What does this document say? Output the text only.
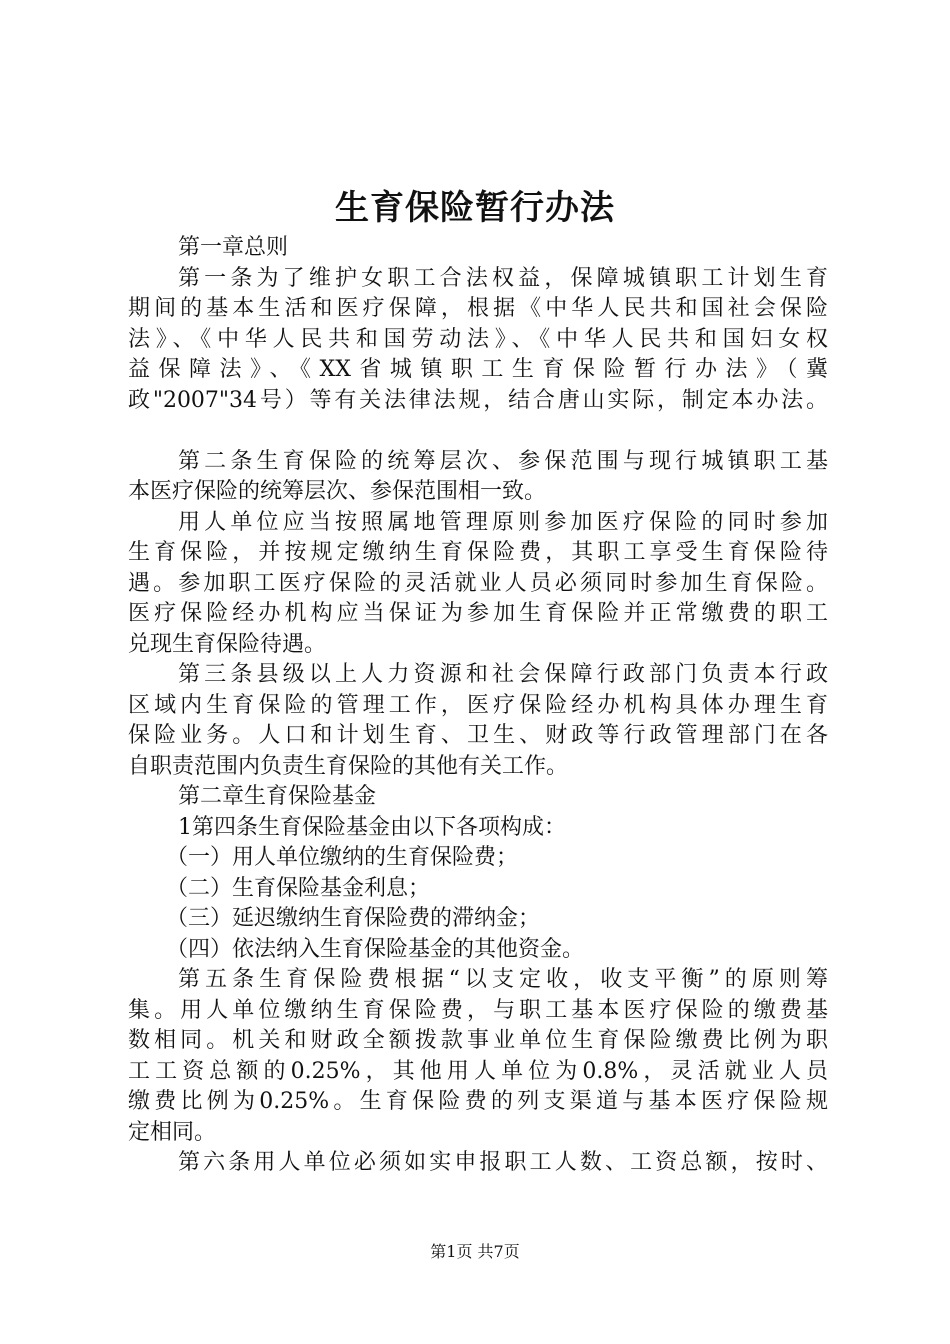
生育保险暂行办法
第一章总则
第一条为了维护女职工合法权益，保障城镇职工计划生育
期间的基本生活和医疗保障，根据《中华人民共和国社会保险
法》、《中华人民共和国劳动法》、《中华人民共和国妇女权
益保障法》、《XX省城镇职工生育保险暂行办法》（冀
政"2007"34号）等有关法律法规，结合唐山实际，制定本办法。
第二条生育保险的统筹层次、参保范围与现行城镇职工基
本医疗保险的统筹层次、参保范围相一致。
用人单位应当按照属地管理原则参加医疗保险的同时参加
生育保险，并按规定缴纳生育保险费，其职工享受生育保险待
遇。参加职工医疗保险的灵活就业人员必须同时参加生育保险。
医疗保险经办机构应当保证为参加生育保险并正常缴费的职工
兑现生育保险待遇。
第三条县级以上人力资源和社会保障行政部门负责本行政
区域内生育保险的管理工作，医疗保险经办机构具体办理生育
保险业务。人口和计划生育、卫生、财政等行政管理部门在各
自职责范围内负责生育保险的其他有关工作。
第二章生育保险基金
1第四条生育保险基金由以下各项构成：
（一）用人单位缴纳的生育保险费；
（二）生育保险基金利息；
（三）延迟缴纳生育保险费的滞纳金；
（四）依法纳入生育保险基金的其他资金。
第五条生育保险费根据“以支定收，收支平衡”的原则筹
集。用人单位缴纳生育保险费，与职工基本医疗保险的缴费基
数相同。机关和财政全额拨款事业单位生育保险缴费比例为职
工工资总额的0.25%，其他用人单位为0.8%，灵活就业人员
缴费比例为0.25%。生育保险费的列支渠道与基本医疗保险规
定相同。
第六条用人单位必须如实申报职工人数、工资总额，按时、
第1页 共7页
